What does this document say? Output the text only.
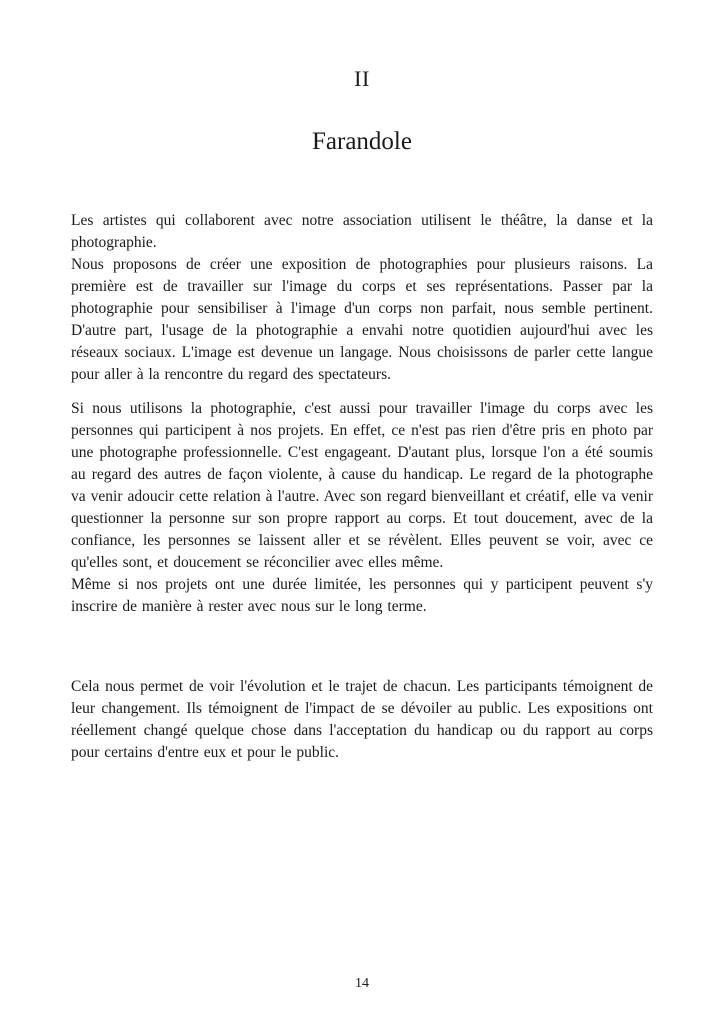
II
Farandole

Les artistes qui collaborent avec notre association utilisent le théâtre, la danse et la photographie.

Nous proposons de créer une exposition de photographies pour plusieurs raisons. La première est de travailler sur l'image du corps et ses représentations. Passer par la photographie pour sensibiliser à l'image d'un corps non parfait, nous semble pertinent. D'autre part, l'usage de la photographie a envahi notre quotidien aujourd'hui avec les réseaux sociaux. L'image est devenue un langage. Nous choisissons de parler cette langue pour aller à la rencontre du regard des spectateurs.

Si nous utilisons la photographie, c'est aussi pour travailler l'image du corps avec les personnes qui participent à nos projets. En effet, ce n'est pas rien d'être pris en photo par une photographe professionnelle. C'est engageant. D'autant plus, lorsque l'on a été soumis au regard des autres de façon violente, à cause du handicap. Le regard de la photographe va venir adoucir cette relation à l'autre. Avec son regard bienveillant et créatif, elle va venir questionner la personne sur son propre rapport au corps. Et tout doucement, avec de la confiance, les personnes se laissent aller et se révèlent. Elles peuvent se voir, avec ce qu'elles sont, et doucement se réconcilier avec elles même.

Même si nos projets ont une durée limitée, les personnes qui y participent peuvent s'y inscrire de manière à rester avec nous sur le long terme.

Cela nous permet de voir l'évolution et le trajet de chacun. Les participants témoignent de leur changement. Ils témoignent de l'impact de se dévoiler au public. Les expositions ont réellement changé quelque chose dans l'acceptation du handicap ou du rapport au corps pour certains d'entre eux et pour le public.

14
